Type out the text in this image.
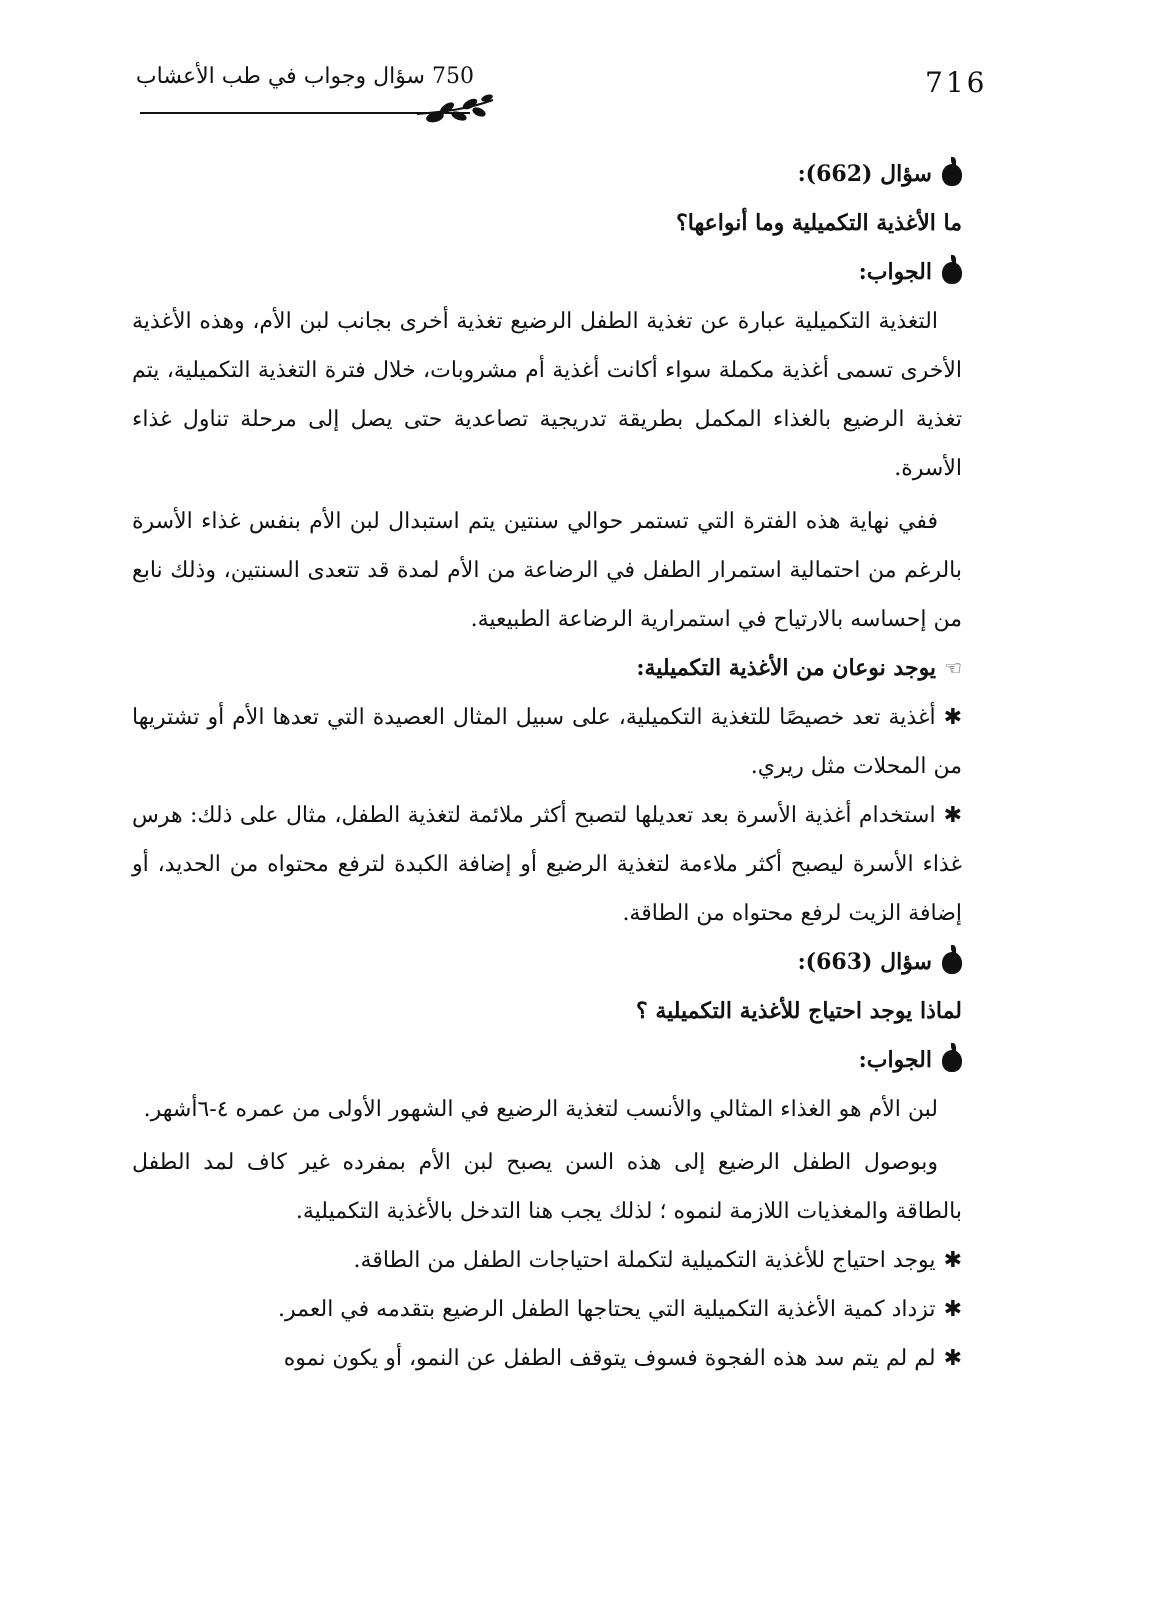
716
750 سؤال وجواب في طب الأعشاب

سؤال (662):

ما الأغذية التكميلية وما أنواعها؟

الجواب:

التغذية التكميلية عبارة عن تغذية الطفل الرضيع تغذية أخرى بجانب لبن الأم، وهذه الأغذية الأخرى تسمى أغذية مكملة سواء أكانت أغذية أم مشروبات، خلال فترة التغذية التكميلية، يتم تغذية الرضيع بالغذاء المكمل بطريقة تدريجية تصاعدية حتى يصل إلى مرحلة تناول غذاء الأسرة.

ففي نهاية هذه الفترة التي تستمر حوالي سنتين يتم استبدال لبن الأم بنفس غذاء الأسرة بالرغم من احتمالية استمرار الطفل في الرضاعة من الأم لمدة قد تتعدى السنتين، وذلك نابع من إحساسه بالارتياح في استمرارية الرضاعة الطبيعية.

☜
يوجد نوعان من الأغذية التكميلية:

✱أغذية تعد خصيصًا للتغذية التكميلية، على سبيل المثال العصيدة التي تعدها الأم أو تشتريها من المحلات مثل ريري.

✱استخدام أغذية الأسرة بعد تعديلها لتصبح أكثر ملائمة لتغذية الطفل، مثال على ذلك: هرس غذاء الأسرة ليصبح أكثر ملاءمة لتغذية الرضيع أو إضافة الكبدة لترفع محتواه من الحديد، أو إضافة الزيت لرفع محتواه من الطاقة.

سؤال (663):

لماذا يوجد احتياج للأغذية التكميلية ؟

الجواب:

لبن الأم هو الغذاء المثالي والأنسب لتغذية الرضيع في الشهور الأولى من عمره ٤-٦أشهر.

وبوصول الطفل الرضيع إلى هذه السن يصبح لبن الأم بمفرده غير كاف لمد الطفل بالطاقة والمغذيات اللازمة لنموه ؛ لذلك يجب هنا التدخل بالأغذية التكميلية.

✱يوجد احتياج للأغذية التكميلية لتكملة احتياجات الطفل من الطاقة.

✱تزداد كمية الأغذية التكميلية التي يحتاجها الطفل الرضيع بتقدمه في العمر.

✱لم لم يتم سد هذه الفجوة فسوف يتوقف الطفل عن النمو، أو يكون نموه
